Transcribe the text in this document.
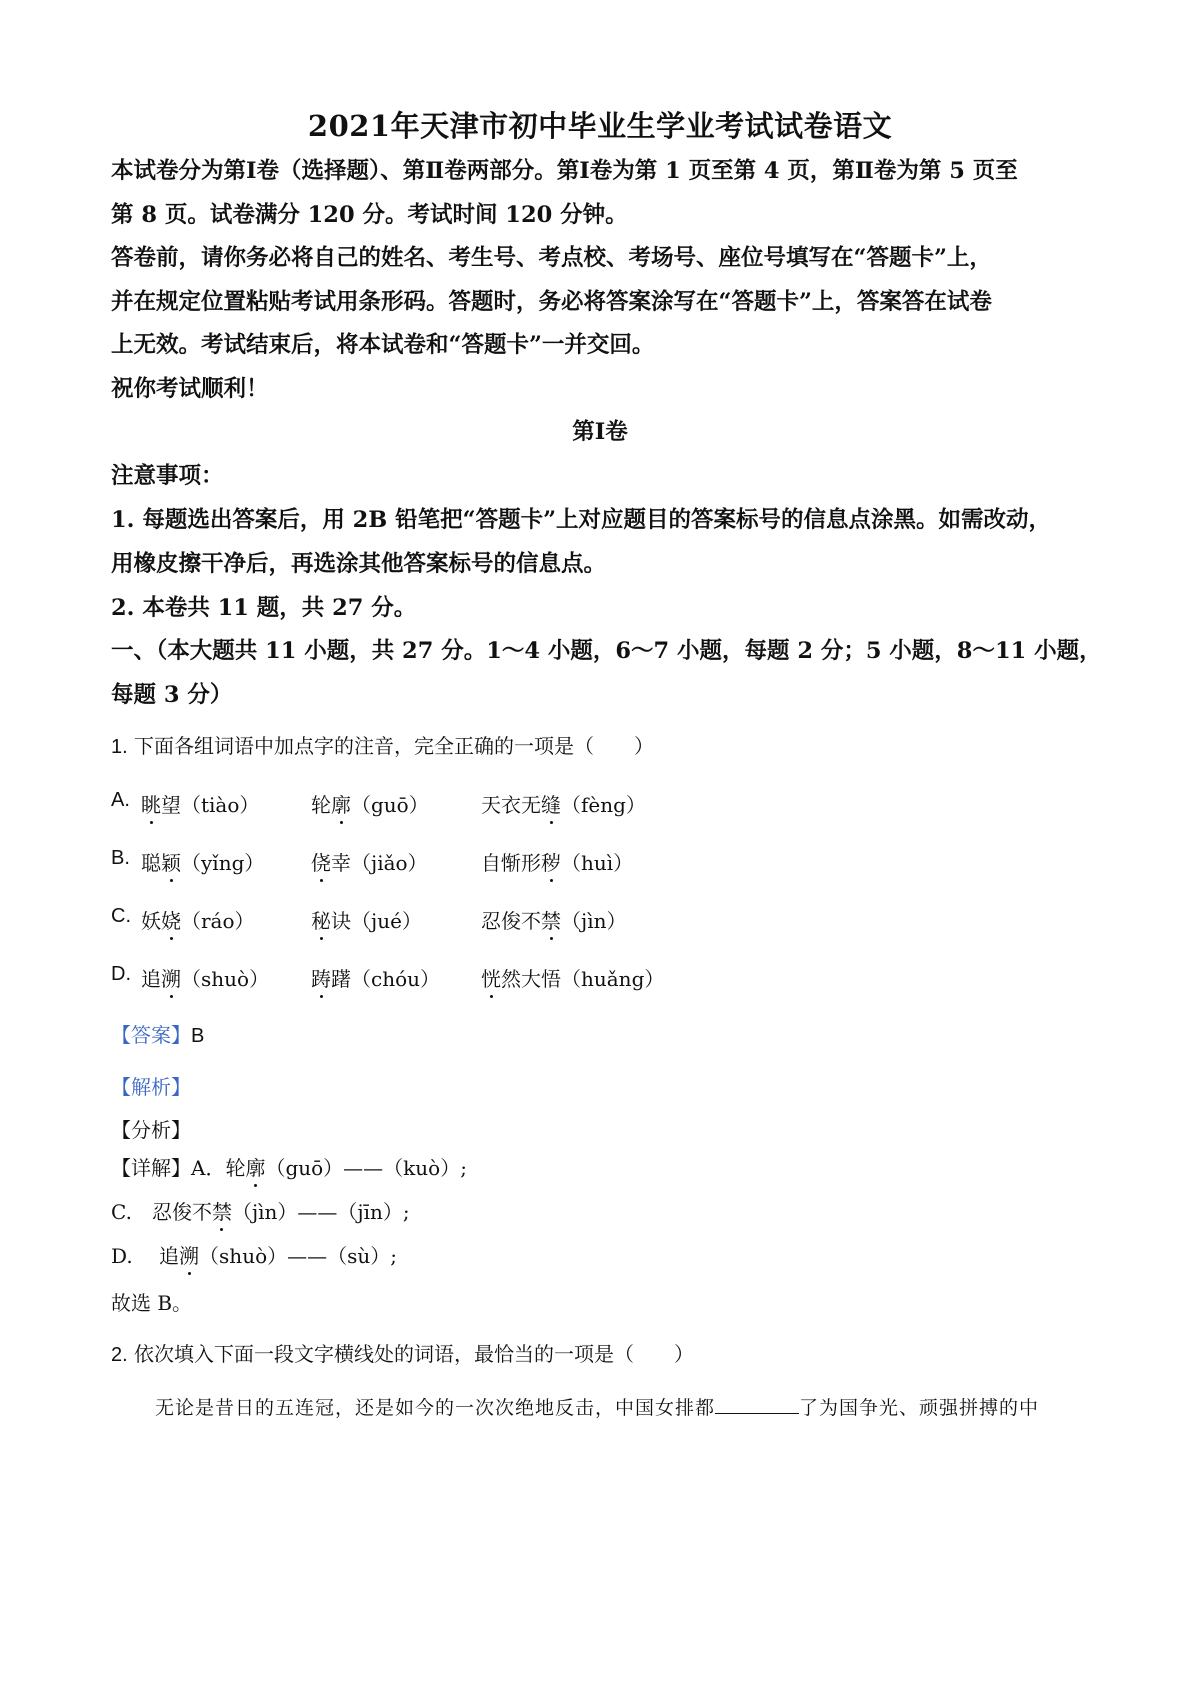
2021年天津市初中毕业生学业考试试卷语文
本试卷分为第Ⅰ卷（选择题）、第Ⅱ卷两部分。第Ⅰ卷为第 1 页至第 4 页，第Ⅱ卷为第 5 页至
第 8 页。试卷满分 120 分。考试时间 120 分钟。
答卷前，请你务必将自己的姓名、考生号、考点校、考场号、座位号填写在“答题卡”上，
并在规定位置粘贴考试用条形码。答题时，务必将答案涂写在“答题卡”上，答案答在试卷
上无效。考试结束后，将本试卷和“答题卡”一并交回。
祝你考试顺利！
第Ⅰ卷
注意事项：
1. 每题选出答案后，用 2B 铅笔把“答题卡”上对应题目的答案标号的信息点涂黑。如需改动，
用橡皮擦干净后，再选涂其他答案标号的信息点。
2. 本卷共 11 题，共 27 分。
一、（本大题共 11 小题，共 27 分。1～4 小题，6～7 小题，每题 2 分；5 小题，8～11 小题，
每题 3 分）
1. 下面各组词语中加点字的注音，完全正确的一项是（　　）
A. 眺望（tiào）	轮廓（guō）	天衣无缝（fèng）
B. 聪颖（yǐng） 侥幸（jiǎo）	自惭形秽（huì）
C. 妖娆（ráo）	秘诀（jué）	忍俊不禁（jìn）
D. 追溯（shuò） 踌躇（chóu） 恍然大悟（huǎng）
【答案】B
【解析】
【分析】
【详解】A．轮廓（guō）——（kuò）;
C.　忍俊不禁（jìn）——（jīn）;
D.　 追溯（shuò）——（sù）;
故选 B。
2. 依次填入下面一段文字横线处的词语，最恰当的一项是（　　）
无论是昔日的五连冠，还是如今的一次次绝地反击，中国女排都	了为国争光、顽强拼搏的中
